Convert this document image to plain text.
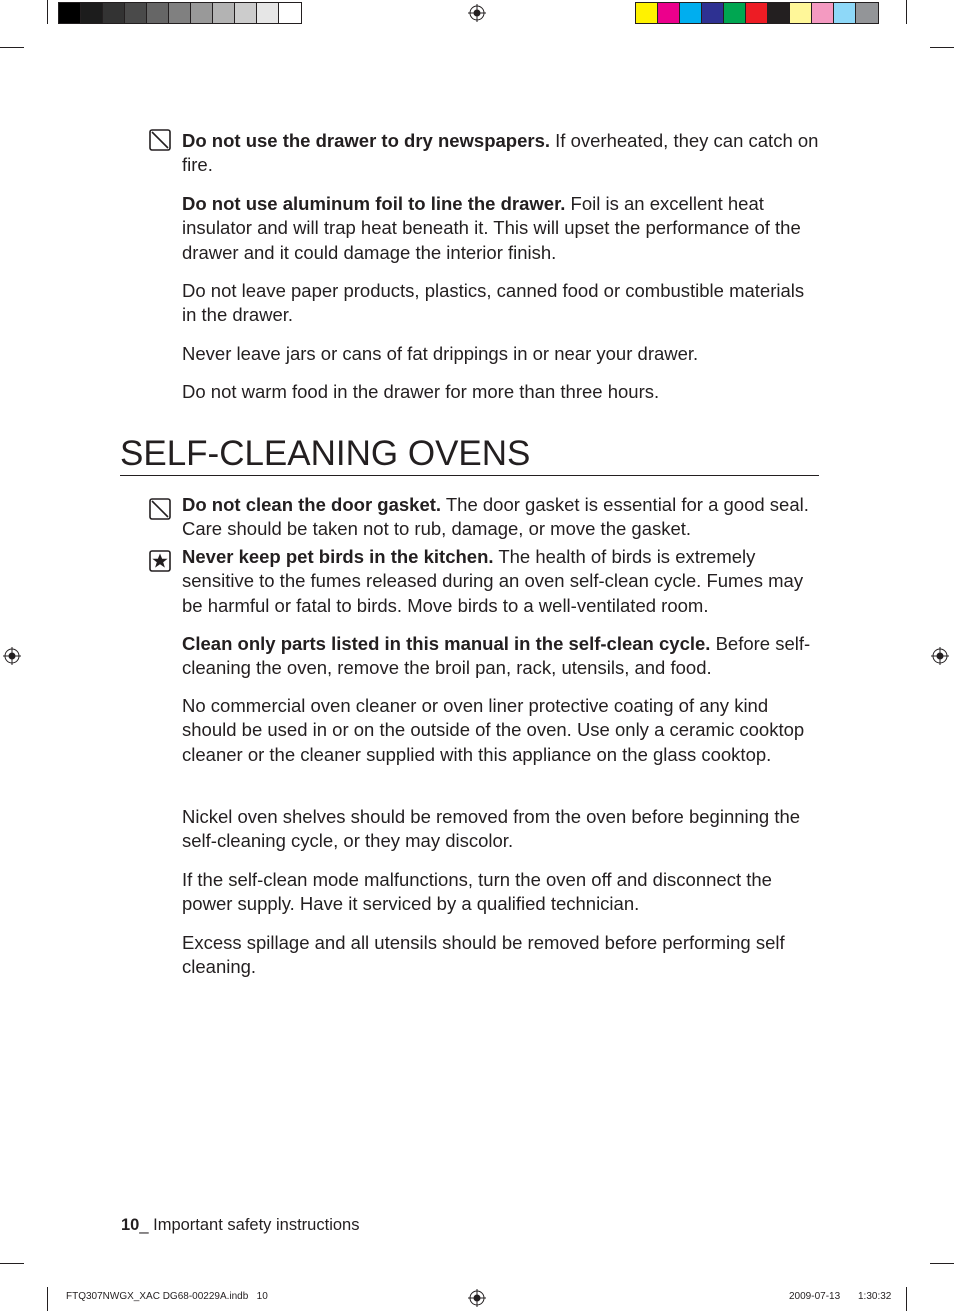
Do not use the drawer to dry newspapers. If overheated, they can catch on fire.
Do not use aluminum foil to line the drawer. Foil is an excellent heat insulator and will trap heat beneath it. This will upset the performance of the drawer and it could damage the interior finish.
Do not leave paper products, plastics, canned food or combustible materials in the drawer.
Never leave jars or cans of fat drippings in or near your drawer.
Do not warm food in the drawer for more than three hours.
SELF-CLEANING OVENS
Do not clean the door gasket. The door gasket is essential for a good seal. Care should be taken not to rub, damage, or move the gasket.
Never keep pet birds in the kitchen. The health of birds is extremely sensitive to the fumes released during an oven self-clean cycle. Fumes may be harmful or fatal to birds. Move birds to a well-ventilated room.
Clean only parts listed in this manual in the self-clean cycle. Before self-cleaning the oven, remove the broil pan, rack, utensils, and food.
No commercial oven cleaner or oven liner protective coating of any kind should be used in or on the outside of the oven. Use only a ceramic cooktop cleaner or the cleaner supplied with this appliance on the glass cooktop.
Nickel oven shelves should be removed from the oven before beginning the self-cleaning cycle, or they may discolor.
If the self-clean mode malfunctions, turn the oven off and disconnect the power supply. Have it serviced by a qualified technician.
Excess spillage and all utensils should be removed before performing self cleaning.
10_ Important safety instructions
FTQ307NWGX_XAC DG68-00229A.indb   10	2009-07-13 1:30:32
